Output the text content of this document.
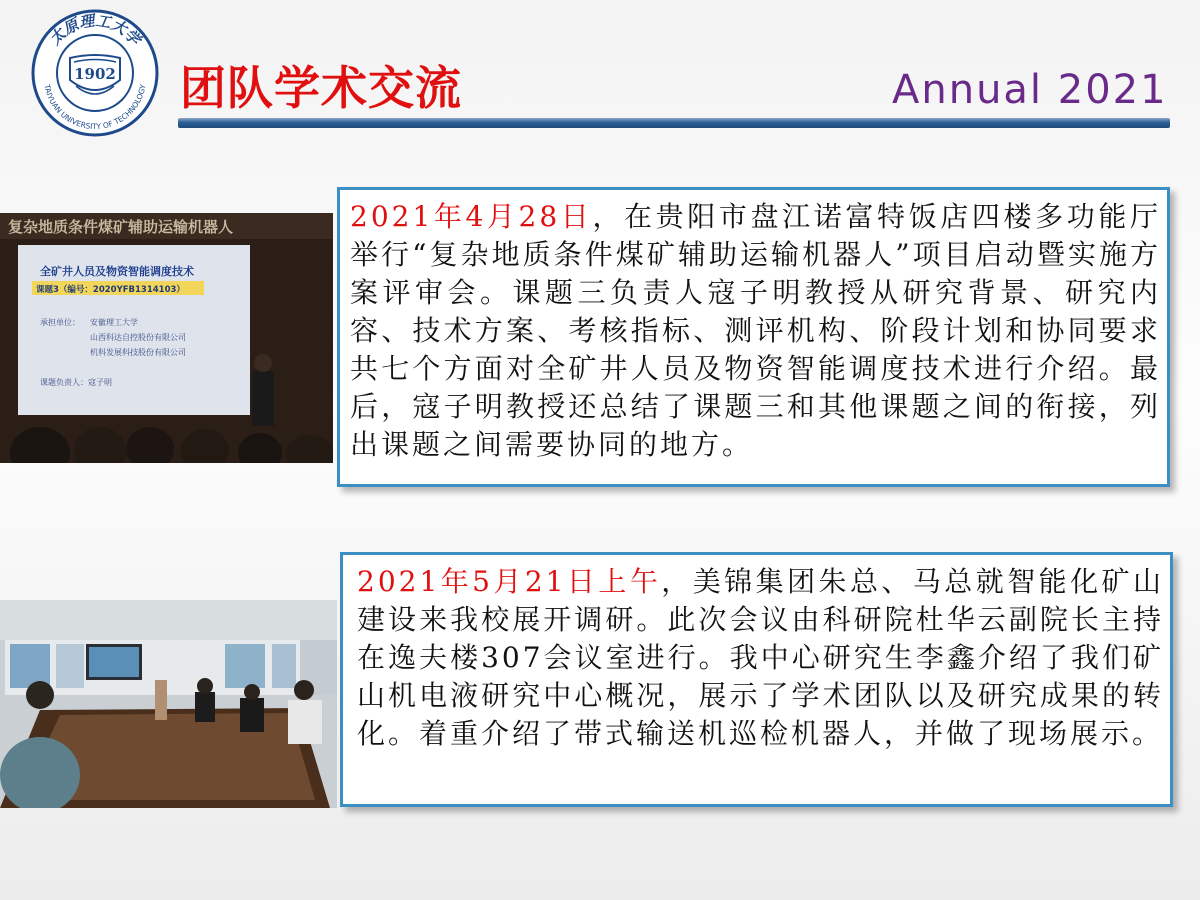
太原理工大学
TAIYUAN UNIVERSITY OF TECHNOLOGY
1902 团队学术交流	Annual 2021
复杂地质条件煤矿辅助运输机器人
全矿井人员及物资智能调度技术
课题3（编号：2020YFB1314103）
承担单位： 安徽理工大学
山西科达自控股份有限公司
机科发展科技股份有限公司
课题负责人：寇子明
2021年4月28日，在贵阳市盘江诺富特饭店四楼多功能厅举行“复杂地质条件煤矿辅助运输机器人”项目启动暨实施方案评审会。课题三负责人寇子明教授从研究背景、研究内容、技术方案、考核指标、测评机构、阶段计划和协同要求共七个方面对全矿井人员及物资智能调度技术进行介绍。最后，寇子明教授还总结了课题三和其他课题之间的衔接，列出课题之间需要协同的地方。
2021年5月21日上午，美锦集团朱总、马总就智能化矿山建设来我校展开调研。此次会议由科研院杜华云副院长主持在逸夫楼307会议室进行。我中心研究生李鑫介绍了我们矿山机电液研究中心概况，展示了学术团队以及研究成果的转化。着重介绍了带式输送机巡检机器人，并做了现场展示。
